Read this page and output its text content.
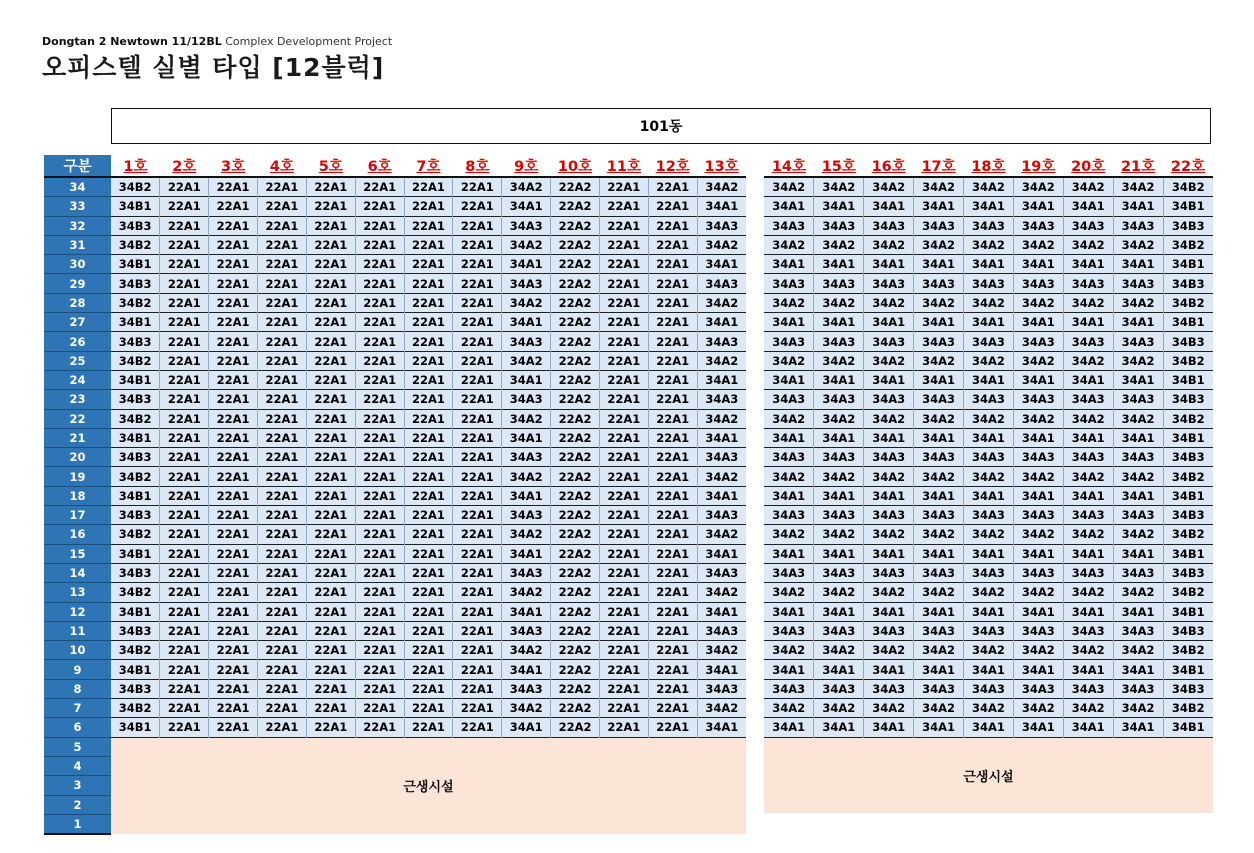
Dongtan 2 Newtown 11/12BL Complex Development Project
오피스텔 실별 타입 [12블럭]
101동
구분	1호	2호	3호	4호	5호	6호	7호	8호	9호	10호	11호	12호	13호
34	34B2	22A1	22A1	22A1	22A1	22A1	22A1	22A1	34A2	22A2	22A1	22A1	34A2
33	34B1	22A1	22A1	22A1	22A1	22A1	22A1	22A1	34A1	22A2	22A1	22A1	34A1
32	34B3	22A1	22A1	22A1	22A1	22A1	22A1	22A1	34A3	22A2	22A1	22A1	34A3
31	34B2	22A1	22A1	22A1	22A1	22A1	22A1	22A1	34A2	22A2	22A1	22A1	34A2
30	34B1	22A1	22A1	22A1	22A1	22A1	22A1	22A1	34A1	22A2	22A1	22A1	34A1
29	34B3	22A1	22A1	22A1	22A1	22A1	22A1	22A1	34A3	22A2	22A1	22A1	34A3
28	34B2	22A1	22A1	22A1	22A1	22A1	22A1	22A1	34A2	22A2	22A1	22A1	34A2
27	34B1	22A1	22A1	22A1	22A1	22A1	22A1	22A1	34A1	22A2	22A1	22A1	34A1
26	34B3	22A1	22A1	22A1	22A1	22A1	22A1	22A1	34A3	22A2	22A1	22A1	34A3
25	34B2	22A1	22A1	22A1	22A1	22A1	22A1	22A1	34A2	22A2	22A1	22A1	34A2
24	34B1	22A1	22A1	22A1	22A1	22A1	22A1	22A1	34A1	22A2	22A1	22A1	34A1
23	34B3	22A1	22A1	22A1	22A1	22A1	22A1	22A1	34A3	22A2	22A1	22A1	34A3
22	34B2	22A1	22A1	22A1	22A1	22A1	22A1	22A1	34A2	22A2	22A1	22A1	34A2
21	34B1	22A1	22A1	22A1	22A1	22A1	22A1	22A1	34A1	22A2	22A1	22A1	34A1
20	34B3	22A1	22A1	22A1	22A1	22A1	22A1	22A1	34A3	22A2	22A1	22A1	34A3
19	34B2	22A1	22A1	22A1	22A1	22A1	22A1	22A1	34A2	22A2	22A1	22A1	34A2
18	34B1	22A1	22A1	22A1	22A1	22A1	22A1	22A1	34A1	22A2	22A1	22A1	34A1
17	34B3	22A1	22A1	22A1	22A1	22A1	22A1	22A1	34A3	22A2	22A1	22A1	34A3
16	34B2	22A1	22A1	22A1	22A1	22A1	22A1	22A1	34A2	22A2	22A1	22A1	34A2
15	34B1	22A1	22A1	22A1	22A1	22A1	22A1	22A1	34A1	22A2	22A1	22A1	34A1
14	34B3	22A1	22A1	22A1	22A1	22A1	22A1	22A1	34A3	22A2	22A1	22A1	34A3
13	34B2	22A1	22A1	22A1	22A1	22A1	22A1	22A1	34A2	22A2	22A1	22A1	34A2
12	34B1	22A1	22A1	22A1	22A1	22A1	22A1	22A1	34A1	22A2	22A1	22A1	34A1
11	34B3	22A1	22A1	22A1	22A1	22A1	22A1	22A1	34A3	22A2	22A1	22A1	34A3
10	34B2	22A1	22A1	22A1	22A1	22A1	22A1	22A1	34A2	22A2	22A1	22A1	34A2
9	34B1	22A1	22A1	22A1	22A1	22A1	22A1	22A1	34A1	22A2	22A1	22A1	34A1
8	34B3	22A1	22A1	22A1	22A1	22A1	22A1	22A1	34A3	22A2	22A1	22A1	34A3
7	34B2	22A1	22A1	22A1	22A1	22A1	22A1	22A1	34A2	22A2	22A1	22A1	34A2
6	34B1	22A1	22A1	22A1	22A1	22A1	22A1	22A1	34A1	22A2	22A1	22A1	34A1
5	근생시설												
4													
3													
2													
1													
14호	15호	16호	17호	18호	19호	20호	21호	22호
34A2	34A2	34A2	34A2	34A2	34A2	34A2	34A2	34B2
34A1	34A1	34A1	34A1	34A1	34A1	34A1	34A1	34B1
34A3	34A3	34A3	34A3	34A3	34A3	34A3	34A3	34B3
34A2	34A2	34A2	34A2	34A2	34A2	34A2	34A2	34B2
34A1	34A1	34A1	34A1	34A1	34A1	34A1	34A1	34B1
34A3	34A3	34A3	34A3	34A3	34A3	34A3	34A3	34B3
34A2	34A2	34A2	34A2	34A2	34A2	34A2	34A2	34B2
34A1	34A1	34A1	34A1	34A1	34A1	34A1	34A1	34B1
34A3	34A3	34A3	34A3	34A3	34A3	34A3	34A3	34B3
34A2	34A2	34A2	34A2	34A2	34A2	34A2	34A2	34B2
34A1	34A1	34A1	34A1	34A1	34A1	34A1	34A1	34B1
34A3	34A3	34A3	34A3	34A3	34A3	34A3	34A3	34B3
34A2	34A2	34A2	34A2	34A2	34A2	34A2	34A2	34B2
34A1	34A1	34A1	34A1	34A1	34A1	34A1	34A1	34B1
34A3	34A3	34A3	34A3	34A3	34A3	34A3	34A3	34B3
34A2	34A2	34A2	34A2	34A2	34A2	34A2	34A2	34B2
34A1	34A1	34A1	34A1	34A1	34A1	34A1	34A1	34B1
34A3	34A3	34A3	34A3	34A3	34A3	34A3	34A3	34B3
34A2	34A2	34A2	34A2	34A2	34A2	34A2	34A2	34B2
34A1	34A1	34A1	34A1	34A1	34A1	34A1	34A1	34B1
34A3	34A3	34A3	34A3	34A3	34A3	34A3	34A3	34B3
34A2	34A2	34A2	34A2	34A2	34A2	34A2	34A2	34B2
34A1	34A1	34A1	34A1	34A1	34A1	34A1	34A1	34B1
34A3	34A3	34A3	34A3	34A3	34A3	34A3	34A3	34B3
34A2	34A2	34A2	34A2	34A2	34A2	34A2	34A2	34B2
34A1	34A1	34A1	34A1	34A1	34A1	34A1	34A1	34B1
34A3	34A3	34A3	34A3	34A3	34A3	34A3	34A3	34B3
34A2	34A2	34A2	34A2	34A2	34A2	34A2	34A2	34B2
34A1	34A1	34A1	34A1	34A1	34A1	34A1	34A1	34B1
근생시설								
